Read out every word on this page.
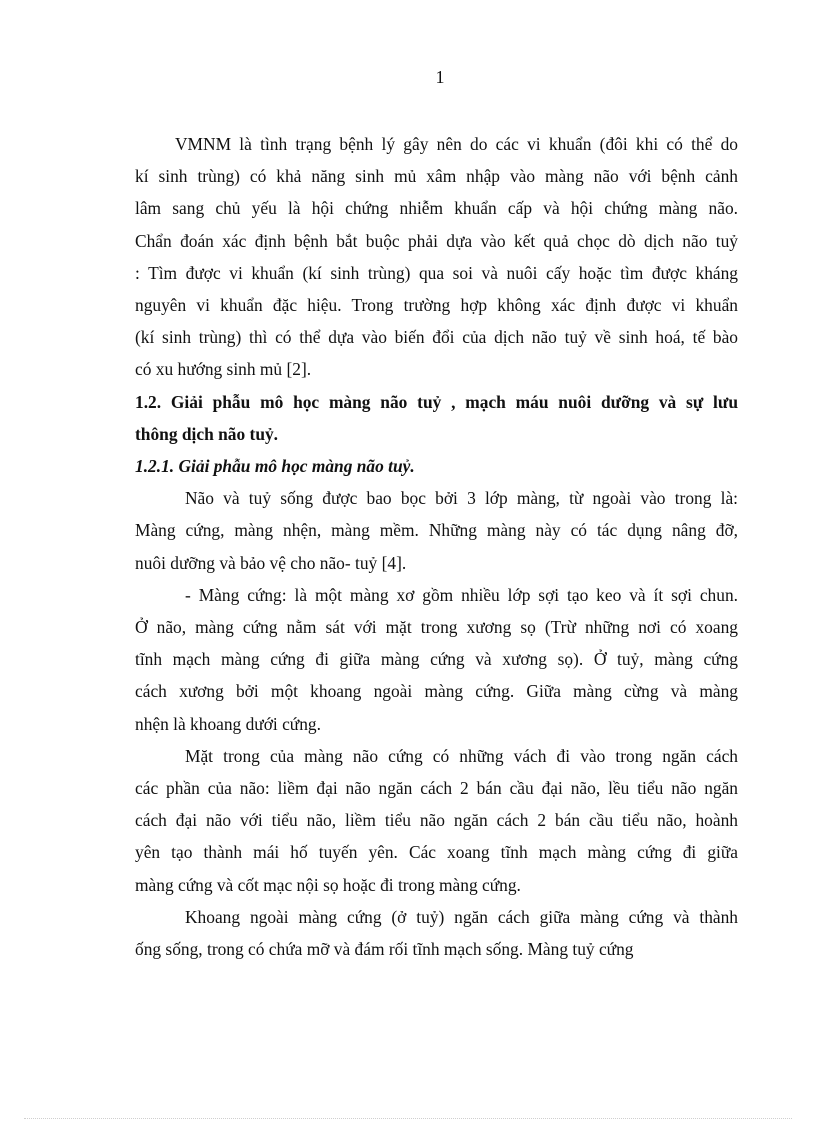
1
VMNM là tình trạng bệnh lý gây nên do các vi khuẩn (đôi khi có thể do
kí sinh trùng) có khả năng sinh mủ xâm nhập vào màng não với bệnh cảnh
lâm sang chủ yếu là hội chứng nhiễm khuẩn cấp và hội chứng màng não.
Chẩn đoán xác định bệnh bắt buộc phải dựa vào kết quả chọc dò dịch não tuỷ
: Tìm được vi khuẩn (kí sinh trùng) qua soi và nuôi cấy hoặc tìm được kháng
nguyên vi khuẩn đặc hiệu. Trong trường hợp không xác định được vi khuẩn
(kí sinh trùng) thì có thể dựa vào biến đổi của dịch não tuỷ về sinh hoá, tế bào
có xu hướng sinh mủ [2].
1.2. Giải phẫu mô học màng não tuỷ , mạch máu nuôi dưỡng và sự lưu
thông dịch não tuỷ.
1.2.1. Giải phẫu mô học màng não tuỷ.
Não và tuỷ sống được bao bọc bởi 3 lớp màng, từ ngoài vào trong là:
Màng cứng, màng nhện, màng mềm. Những màng này có tác dụng nâng đỡ,
nuôi dưỡng và bảo vệ cho não- tuỷ [4].
- Màng cứng: là một màng xơ gồm nhiều lớp sợi tạo keo và ít sợi chun.
Ở não, màng cứng nằm sát với mặt trong xương sọ (Trừ những nơi có xoang
tĩnh mạch màng cứng đi giữa màng cứng và xương sọ). Ở tuỷ, màng cứng
cách xương bởi một khoang ngoài màng cứng. Giữa màng cừng và màng
nhện là khoang dưới cứng.
Mặt trong của màng não cứng có những vách đi vào trong ngăn cách
các phần của não: liềm đại não ngăn cách 2 bán cầu đại não, lều tiểu não ngăn
cách đại não với tiểu não, liềm tiểu não ngăn cách 2 bán cầu tiểu não, hoành
yên tạo thành mái hố tuyến yên. Các xoang tĩnh mạch màng cứng đi giữa
màng cứng và cốt mạc nội sọ hoặc đi trong màng cứng.
Khoang ngoài màng cứng (ở tuỷ) ngăn cách giữa màng cứng và thành
ống sống, trong có chứa mỡ và đám rối tĩnh mạch sống. Màng tuỷ cứng
